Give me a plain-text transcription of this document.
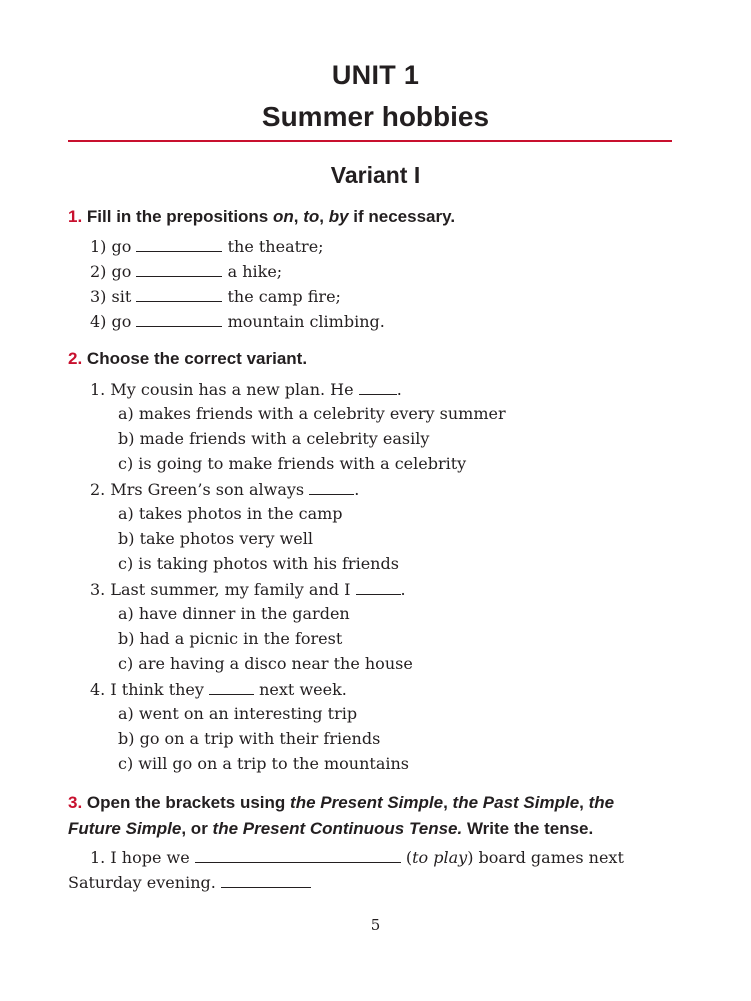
UNIT 1
Summer hobbies
Variant I
1. Fill in the prepositions on, to, by if necessary.
1) go	the theatre;
2) go	a hike;
3) sit	the camp fire;
4) go	mountain climbing.
2. Choose the correct variant.
1. My cousin has a new plan. He	.
a) makes friends with a celebrity every summer
b) made friends with a celebrity easily
c) is going to make friends with a celebrity
2. Mrs Green’s son always	.
a) takes photos in the camp
b) take photos very well
c) is taking photos with his friends
3. Last summer, my family and I	.
a) have dinner in the garden
b) had a picnic in the forest
c) are having a disco near the house
4. I think they	next week.
a) went on an interesting trip
b) go on a trip with their friends
c) will go on a trip to the mountains
3. Open the brackets using the Present Simple, the Past Simple, the
Future Simple, or the Present Continuous Tense. Write the tense.
1. I hope we	(to play) board games next
Saturday evening.
5
